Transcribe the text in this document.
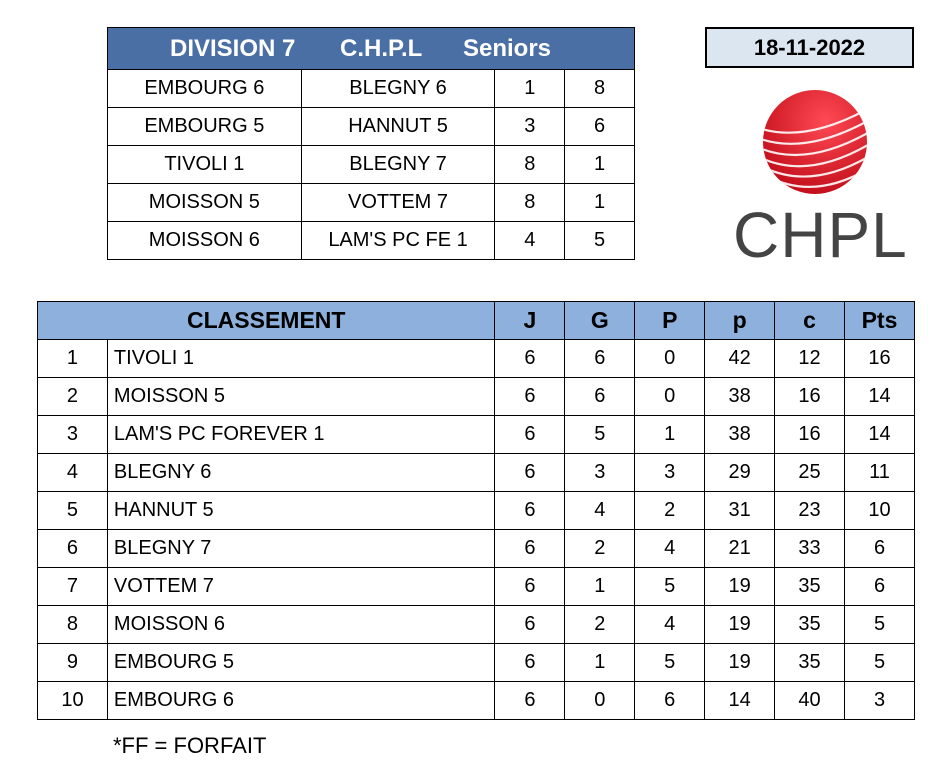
DIVISION 7 C.H.P.L Seniors			
EMBOURG 6	BLEGNY 6	1	8
EMBOURG 5	HANNUT 5	3	6
TIVOLI 1	BLEGNY 7	8	1
MOISSON 5	VOTTEM 7	8	1
MOISSON 6	LAM'S PC FE 1	4	5
18-11-2022
CHPL
CLASSEMENT		J	G	P	p	c	Pts
1	TIVOLI 1	6	6	0	42	12	16
2	MOISSON 5	6	6	0	38	16	14
3	LAM'S PC FOREVER 1	6	5	1	38	16	14
4	BLEGNY 6	6	3	3	29	25	11
5	HANNUT 5	6	4	2	31	23	10
6	BLEGNY 7	6	2	4	21	33	6
7	VOTTEM 7	6	1	5	19	35	6
8	MOISSON 6	6	2	4	19	35	5
9	EMBOURG 5	6	1	5	19	35	5
10	EMBOURG 6	6	0	6	14	40	3
*FF = FORFAIT
